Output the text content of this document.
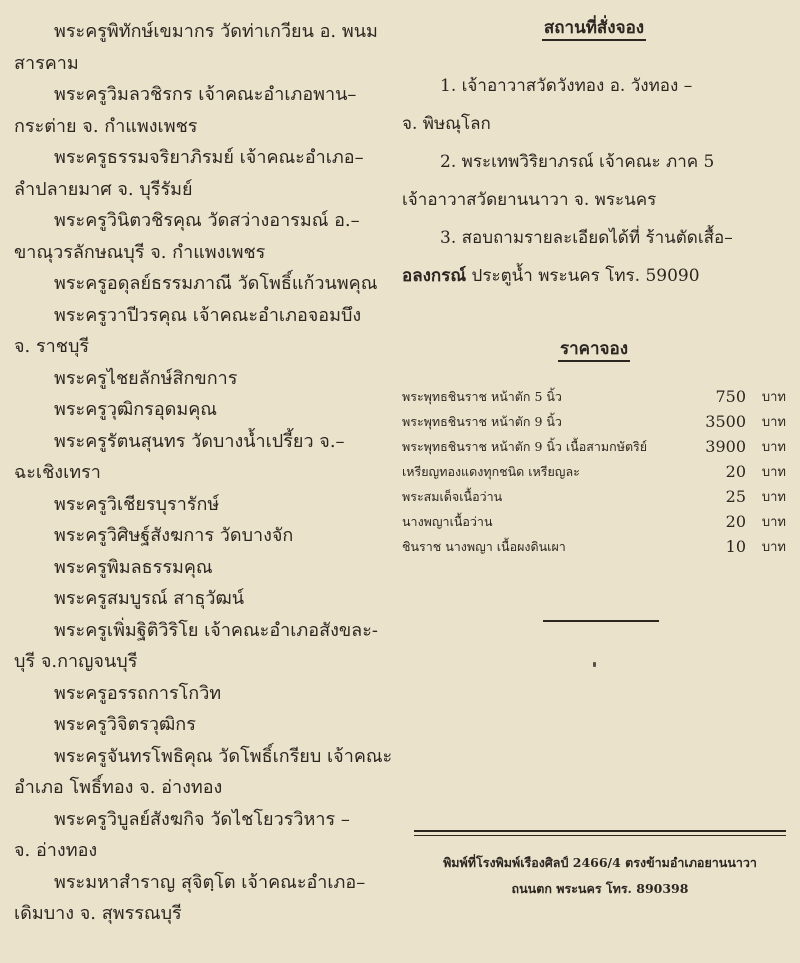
พระครูพิทักษ์เขมากร วัดท่าเกวียน อ. พนม
สารคาม
พระครูวิมลวชิรกร เจ้าคณะอำเภอพาน–
กระต่าย จ. กำแพงเพชร
พระครูธรรมจริยาภิรมย์ เจ้าคณะอำเภอ–
ลำปลายมาศ จ. บุรีรัมย์
พระครูวินิตวชิรคุณ วัดสว่างอารมณ์ อ.–
ขาณุวรลักษณบุรี จ. กำแพงเพชร
พระครูอดุลย์ธรรมภาณี วัดโพธิ์แก้วนพคุณ
พระครูวาปีวรคุณ เจ้าคณะอำเภอจอมบึง
จ. ราชบุรี
พระครูไชยลักษ์สิกขการ
พระครูวุฒิกรอุดมคุณ
พระครูรัตนสุนทร วัดบางน้ำเปรี้ยว จ.–
ฉะเชิงเทรา
พระครูวิเชียรบุรารักษ์
พระครูวิศิษฐ์สังฆการ วัดบางจัก
พระครูพิมลธรรมคุณ
พระครูสมบูรณ์ สาธุวัฒน์
พระครูเพิ่มฐิติวิริโย เจ้าคณะอำเภอสังขละ-
บุรี จ.กาญจนบุรี
พระครูอรรถการโกวิท
พระครูวิจิตรวุฒิกร
พระครูจันทรโพธิคุณ วัดโพธิ์เกรียบ เจ้าคณะ
อำเภอ โพธิ์ทอง จ. อ่างทอง
พระครูวิบูลย์สังฆกิจ วัดไชโยวรวิหาร –
จ. อ่างทอง
พระมหาสำราญ สุจิตฺโต เจ้าคณะอำเภอ–
เดิมบาง จ. สุพรรณบุรี
สถานที่สั่งจอง
1. เจ้าอาวาสวัดวังทอง อ. วังทอง –
จ. พิษณุโลก
2. พระเทพวิริยาภรณ์ เจ้าคณะ ภาค 5
เจ้าอาวาสวัดยานนาวา จ. พระนคร
3. สอบถามรายละเอียดได้ที่ ร้านตัดเสื้อ–
อลงกรณ์ ประตูน้ำ พระนคร โทร. 59090
ราคาจอง
พระพุทธชินราช หน้าตัก 5 นิ้ว	750	บาท
พระพุทธชินราช หน้าตัก 9 นิ้ว	3500	บาท
พระพุทธชินราช หน้าตัก 9 นิ้ว เนื้อสามกษัตริย์	3900	บาท
เหรียญทองแดงทุกชนิด เหรียญละ	20	บาท
พระสมเด็จเนื้อว่าน	25	บาท
นางพญาเนื้อว่าน	20	บาท
ชินราช นางพญา เนื้อผงดินเผา	10	บาท
พิมพ์ที่โรงพิมพ์เรืองศิลป์ 2466/4 ตรงข้ามอำเภอยานนาวา
ถนนตก พระนคร โทร. 890398
